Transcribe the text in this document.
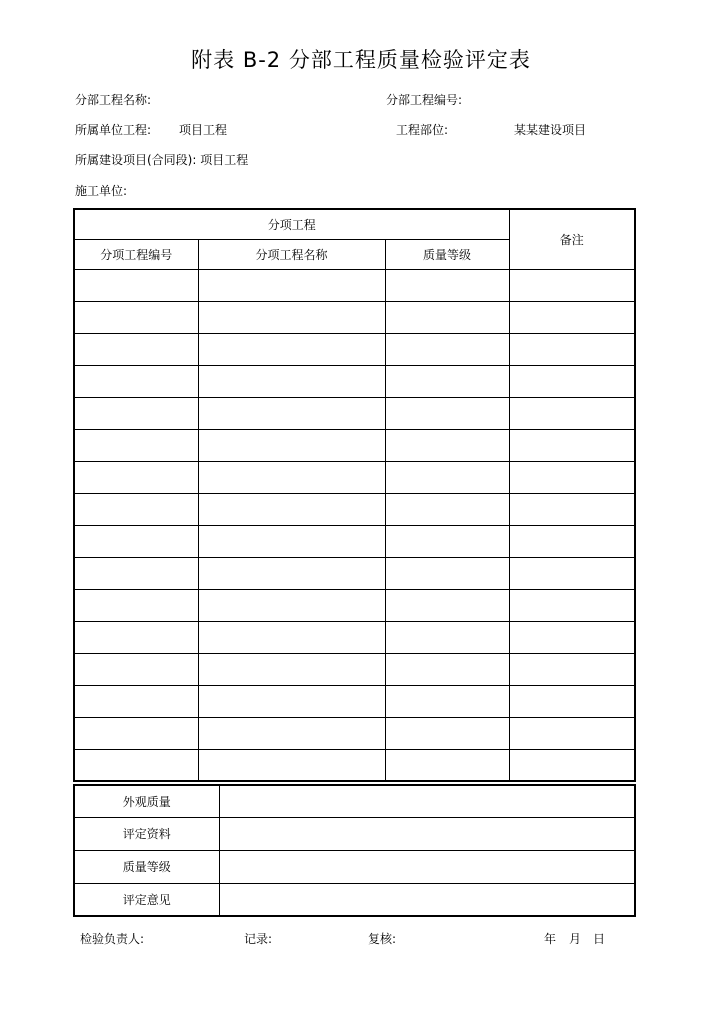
附表 B-2 分部工程质量检验评定表
分部工程名称:	分部工程编号:
所属单位工程: 项目工程	工程部位:	某某建设项目
所属建设项目(合同段): 项目工程
施工单位:
分项工程			备注
分项工程编号	分项工程名称	质量等级	

外观质量	
评定资料	
质量等级	
评定意见	
检验负责人:	记录:	复核:	年 月 日
